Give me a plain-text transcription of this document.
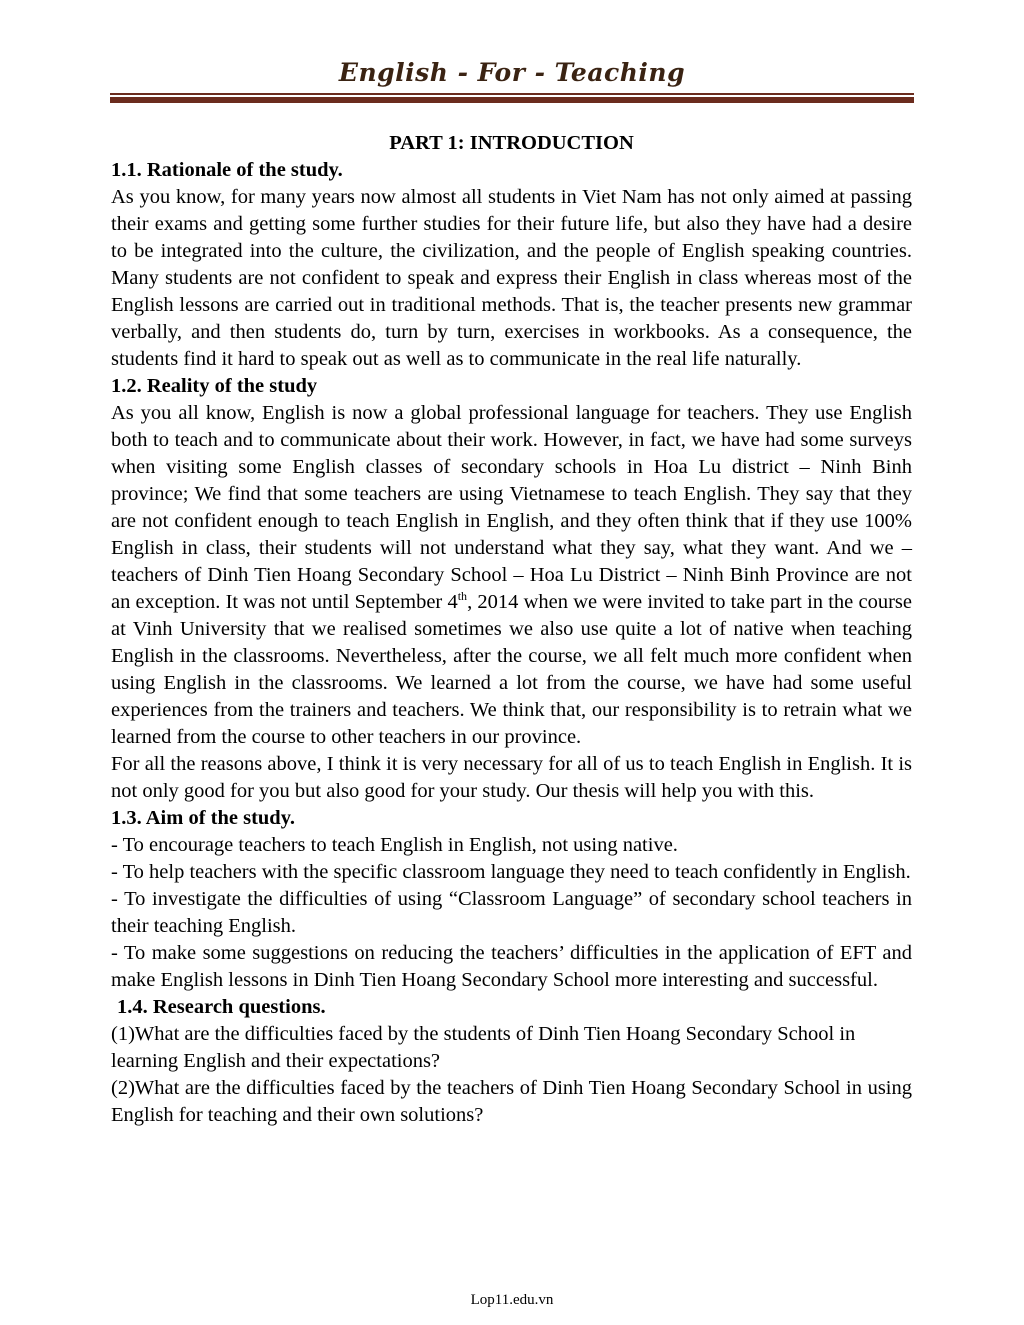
English - For - Teaching

PART 1: INTRODUCTION

1.1. Rationale of the study.

As you know, for many years now almost all students in Viet Nam has not only aimed at passing their exams and getting some further studies for their future life, but also they have had a desire to be integrated into the culture, the civilization, and the people of English speaking countries. Many students are not confident to speak and express their English in class whereas most of the English lessons are carried out in traditional methods. That is, the teacher presents new grammar verbally, and then students do, turn by turn, exercises in workbooks. As a consequence, the students find it hard to speak out as well as to communicate in the real life naturally.

1.2. Reality of the study

As you all know, English is now a global professional language for teachers. They use English both to teach and to communicate about their work. However, in fact, we have had some surveys when visiting some English classes of secondary schools in Hoa Lu district – Ninh Binh province; We find that some teachers are using Vietnamese to teach English. They say that they are not confident enough to teach English in English, and they often think that if they use 100% English in class, their students will not understand what they say, what they want. And we – teachers of Dinh Tien Hoang Secondary School – Hoa Lu District – Ninh Binh Province are not an exception. It was not until September 4th, 2014 when we were invited to take part in the course at Vinh University that we realised sometimes we also use quite a lot of native when teaching English in the classrooms. Nevertheless, after the course, we all felt much more confident when using English in the classrooms. We learned a lot from the course, we have had some useful experiences from the trainers and teachers. We think that, our responsibility is to retrain what we learned from the course to other teachers in our province.

For all the reasons above, I think it is very necessary for all of us to teach English in English. It is not only good for you but also good for your study. Our thesis will help you with this.

1.3. Aim of the study.

- To encourage teachers to teach English in English, not using native.

- To help teachers with the specific classroom language they need to teach confidently in English.

- To investigate the difficulties of using “Classroom Language” of secondary school teachers in their teaching English.

- To make some suggestions on reducing the teachers’ difficulties in the application of EFT and make English lessons in Dinh Tien Hoang Secondary School more interesting and successful.

1.4. Research questions.

(1)What are the difficulties faced by the students of Dinh Tien Hoang Secondary School in learning English and their expectations?

(2)What are the difficulties faced by the teachers of Dinh Tien Hoang Secondary School in using English for teaching and their own solutions?

Lop11.edu.vn
